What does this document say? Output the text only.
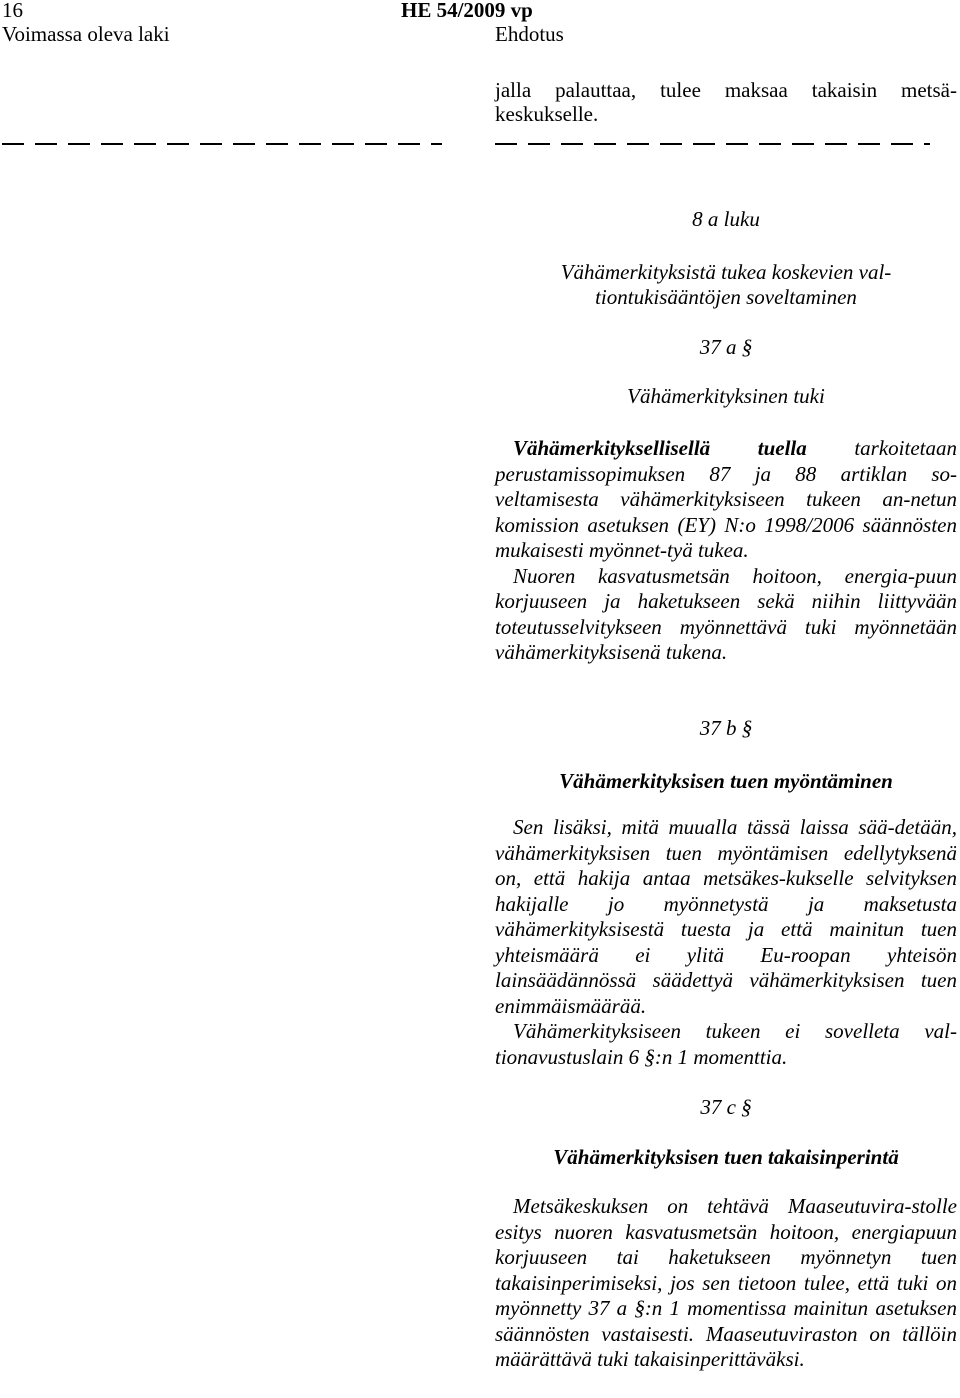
16	HE 54/2009 vp
Voimassa oleva laki	Ehdotus
jalla palauttaa, tulee maksaa takaisin metsä-keskukselle.
8 a luku
Vähämerkityksistä tukea koskevien val-tiontukisääntöjen soveltaminen
37 a §
Vähämerkityksinen tuki

Vähämerkityksellisellä tuella tarkoitetaan perustamissopimuksen 87 ja 88 artiklan so-veltamisesta vähämerkityksiseen tukeen an-netun komission asetuksen (EY) N:o 1998/2006 säännösten mukaisesti myönnet-tyä tukea.

Nuoren kasvatusmetsän hoitoon, energia-puun korjuuseen ja haketukseen sekä niihin liittyvään toteutusselvitykseen myönnettävä tuki myönnetään vähämerkityksisenä tukena.

37 b §
Vähämerkityksisen tuen myöntäminen

Sen lisäksi, mitä muualla tässä laissa sää-detään, vähämerkityksisen tuen myöntämisen edellytyksenä on, että hakija antaa metsäkes-kukselle selvityksen hakijalle jo myönnetystä ja maksetusta vähämerkityksisestä tuesta ja että mainitun tuen yhteismäärä ei ylitä Eu-roopan yhteisön lainsäädännössä säädettyä vähämerkityksisen tuen enimmäismäärää.

Vähämerkityksiseen tukeen ei sovelleta val-tionavustuslain 6 §:n 1 momenttia.

37 c §
Vähämerkityksisen tuen takaisinperintä

Metsäkeskuksen on tehtävä Maaseutuvira-stolle esitys nuoren kasvatusmetsän hoitoon, energiapuun korjuuseen tai haketukseen myönnetyn tuen takaisinperimiseksi, jos sen tietoon tulee, että tuki on myönnetty 37 a §:n 1 momentissa mainitun asetuksen säännösten vastaisesti. Maaseutuviraston on tällöin määrättävä tuki takaisinperittäväksi.
